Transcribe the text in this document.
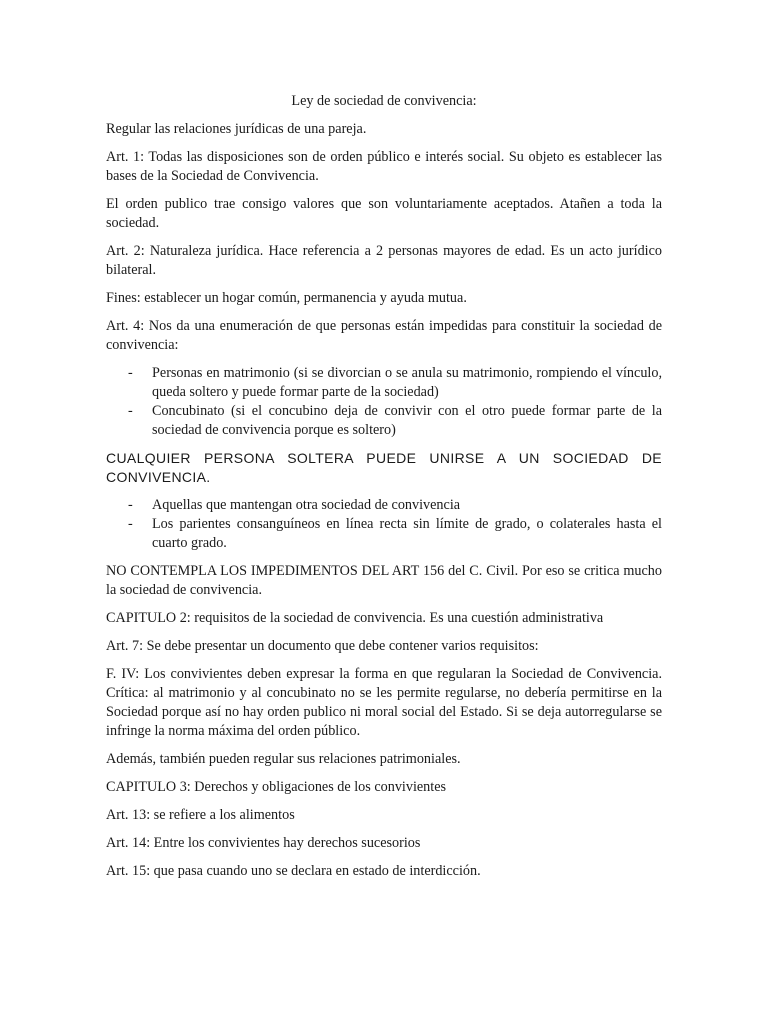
Ley de sociedad de convivencia:

Regular las relaciones jurídicas de una pareja.

Art. 1: Todas las disposiciones son de orden público e interés social. Su objeto es establecer las bases de la Sociedad de Convivencia.

El orden publico trae consigo valores que son voluntariamente aceptados. Atañen a toda la sociedad.

Art. 2: Naturaleza jurídica. Hace referencia a 2 personas mayores de edad. Es un acto jurídico bilateral.

Fines: establecer un hogar común, permanencia y ayuda mutua.

Art. 4: Nos da una enumeración de que personas están impedidas para constituir la sociedad de convivencia:

- Personas en matrimonio (si se divorcian o se anula su matrimonio, rompiendo el vínculo, queda soltero y puede formar parte de la sociedad)
- Concubinato (si el concubino deja de convivir con el otro puede formar parte de la sociedad de convivencia porque es soltero)

CUALQUIER PERSONA SOLTERA PUEDE UNIRSE A UN SOCIEDAD DE CONVIVENCIA.

- Aquellas que mantengan otra sociedad de convivencia
- Los parientes consanguíneos en línea recta sin límite de grado, o colaterales hasta el cuarto grado.

NO CONTEMPLA LOS IMPEDIMENTOS DEL ART 156 del C. Civil. Por eso se critica mucho la sociedad de convivencia.

CAPITULO 2: requisitos de la sociedad de convivencia. Es una cuestión administrativa

Art. 7: Se debe presentar un documento que debe contener varios requisitos:

F. IV: Los convivientes deben expresar la forma en que regularan la Sociedad de Convivencia. Crítica: al matrimonio y al concubinato no se les permite regularse, no debería permitirse en la Sociedad porque así no hay orden publico ni moral social del Estado. Si se deja autorregularse se infringe la norma máxima del orden público.

Además, también pueden regular sus relaciones patrimoniales.

CAPITULO 3: Derechos y obligaciones de los convivientes

Art. 13: se refiere a los alimentos

Art. 14: Entre los convivientes hay derechos sucesorios

Art. 15: que pasa cuando uno se declara en estado de interdicción.
